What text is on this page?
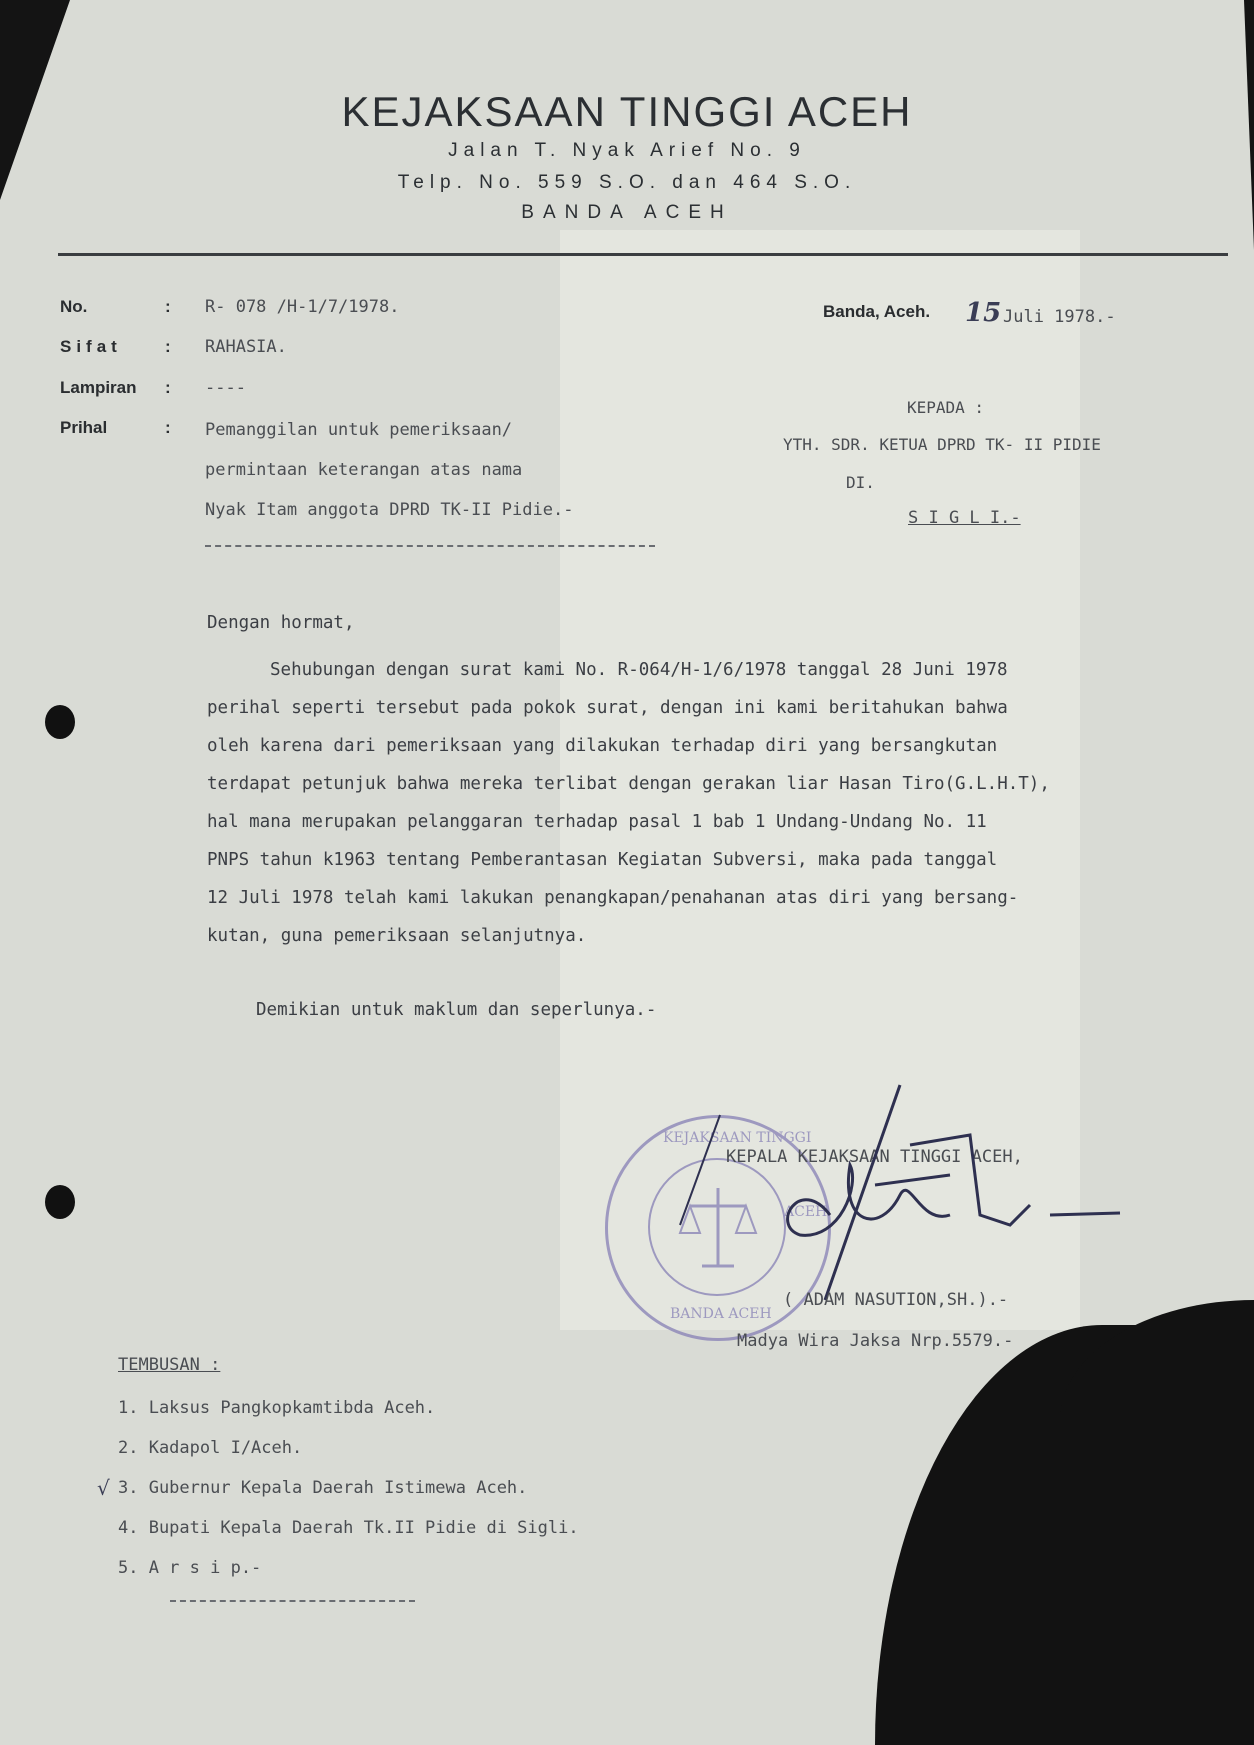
KEJAKSAAN TINGGI ACEH
Jalan T. Nyak Arief No. 9
Telp. No. 559 S.O. dan 464 S.O.
BANDA ACEH
No.	: R- 078 /H-1/7/1978.
Sifat	: RAHASIA.
Lampiran : ----
Prihal	: Pemanggilan untuk pemeriksaan/
permintaan keterangan atas nama
Nyak Itam anggota DPRD TK-II Pidie.-
Banda, Aceh. 15 Juli 1978.-
KEPADA :
YTH. SDR. KETUA DPRD TK- II PIDIE
DI.
S I G L I.-
Dengan hormat,
Sehubungan dengan surat kami No. R-064/H-1/6/1978 tanggal 28 Juni 1978
perihal seperti tersebut pada pokok surat, dengan ini kami beritahukan bahwa
oleh karena dari pemeriksaan yang dilakukan terhadap diri yang bersangkutan
terdapat petunjuk bahwa mereka terlibat dengan gerakan liar Hasan Tiro(G.L.H.T),
hal mana merupakan pelanggaran terhadap pasal 1 bab 1 Undang-Undang No. 11
PNPS tahun k1963 tentang Pemberantasan Kegiatan Subversi, maka pada tanggal
12 Juli 1978 telah kami lakukan penangkapan/penahanan atas diri yang bersang-
kutan, guna pemeriksaan selanjutnya.
Demikian untuk maklum dan seperlunya.-
KEJAKSAAN TINGGI
ACEH
BANDA ACEH
KEPALA KEJAKSAAN TINGGI ACEH,
( ADAM NASUTION,SH.).-
Madya Wira Jaksa Nrp.5579.-
TEMBUSAN :
1. Laksus Pangkopkamtibda Aceh.
2. Kadapol I/Aceh.
√ 3. Gubernur Kepala Daerah Istimewa Aceh.
4. Bupati Kepala Daerah Tk.II Pidie di Sigli.
5. A r s i p.-
